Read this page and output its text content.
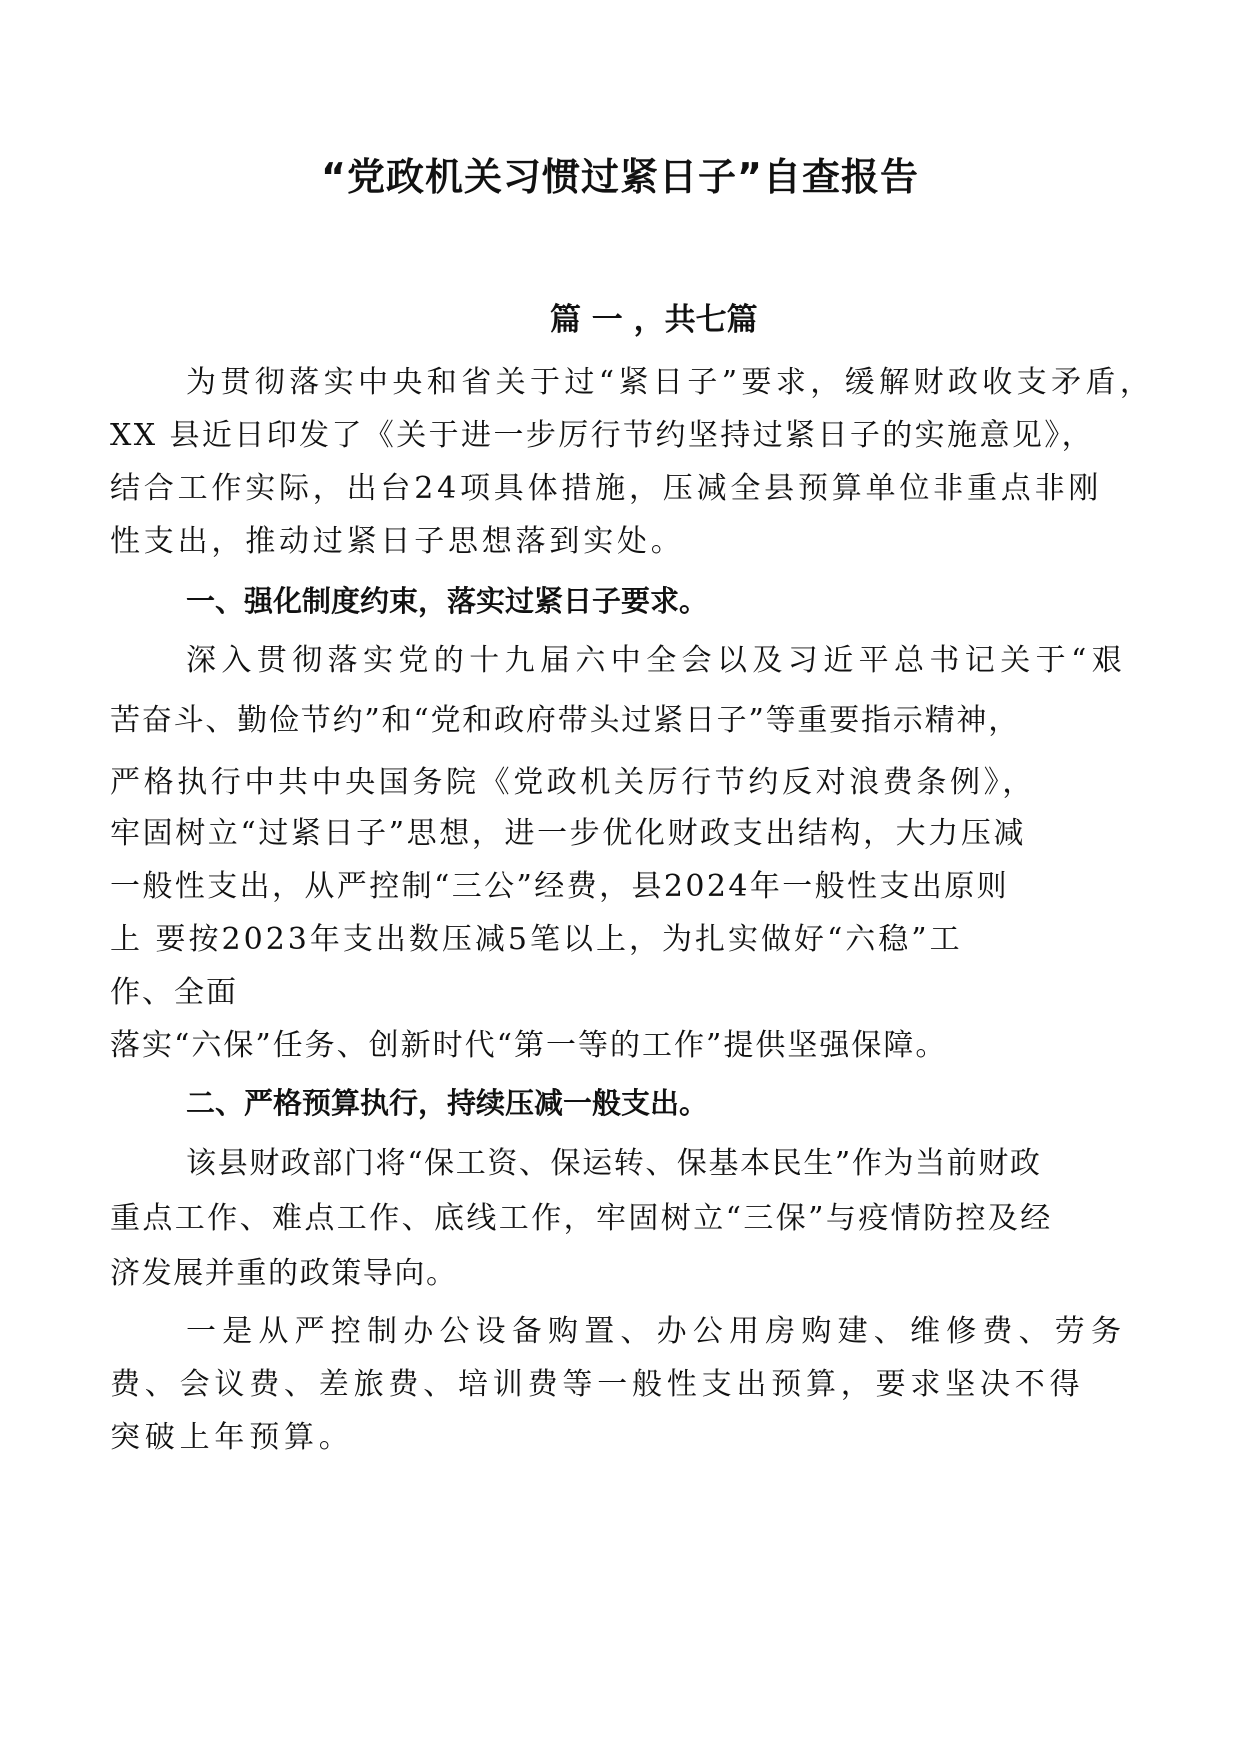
“党政机关习惯过紧日子”自查报告
篇 一 ，共七篇
为贯彻落实中央和省关于过“紧日子”要求，缓解财政收支矛盾，
XX 县近日印发了《关于进一步厉行节约坚持过紧日子的实施意见》，
结合工作实际，出台24项具体措施，压减全县预算单位非重点非刚
性支出，推动过紧日子思想落到实处。
一、强化制度约束，落实过紧日子要求。
深入贯彻落实党的十九届六中全会以及习近平总书记关于“艰
苦奋斗、勤俭节约”和“党和政府带头过紧日子”等重要指示精神，
严格执行中共中央国务院《党政机关厉行节约反对浪费条例》，
牢固树立“过紧日子”思想，进一步优化财政支出结构，大力压减
一般性支出，从严控制“三公”经费，县2024年一般性支出原则
上 要按2023年支出数压减5笔以上，为扎实做好“六稳”工
作、全面
落实“六保”任务、创新时代“第一等的工作”提供坚强保障。
二、严格预算执行，持续压减一般支出。
该县财政部门将“保工资、保运转、保基本民生”作为当前财政
重点工作、难点工作、底线工作，牢固树立“三保”与疫情防控及经
济发展并重的政策导向。
一是从严控制办公设备购置、办公用房购建、维修费、劳务
费、会议费、差旅费、培训费等一般性支出预算，要求坚决不得
突破上年预算。
